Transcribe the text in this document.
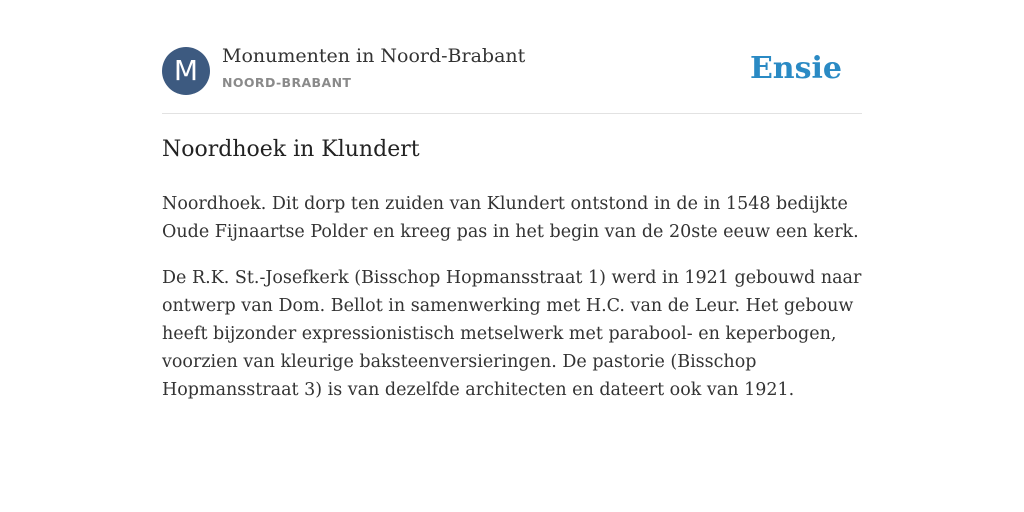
M	Monumenten in Noord-Brabant
NOORD-BRABANT	Ensie
Noordhoek in Klundert

Noordhoek. Dit dorp ten zuiden van Klundert ontstond in de in 1548 bedijkte Oude Fijnaartse Polder en kreeg pas in het begin van de 20ste eeuw een kerk.

De R.K. St.-Josefkerk (Bisschop Hopmansstraat 1) werd in 1921 gebouwd naar ontwerp van Dom. Bellot in samenwerking met H.C. van de Leur. Het gebouw heeft bijzonder expressionistisch metselwerk met parabool- en keperbogen, voorzien van kleurige baksteenversieringen. De pastorie (Bisschop Hopmansstraat 3) is van dezelfde architecten en dateert ook van 1921.
